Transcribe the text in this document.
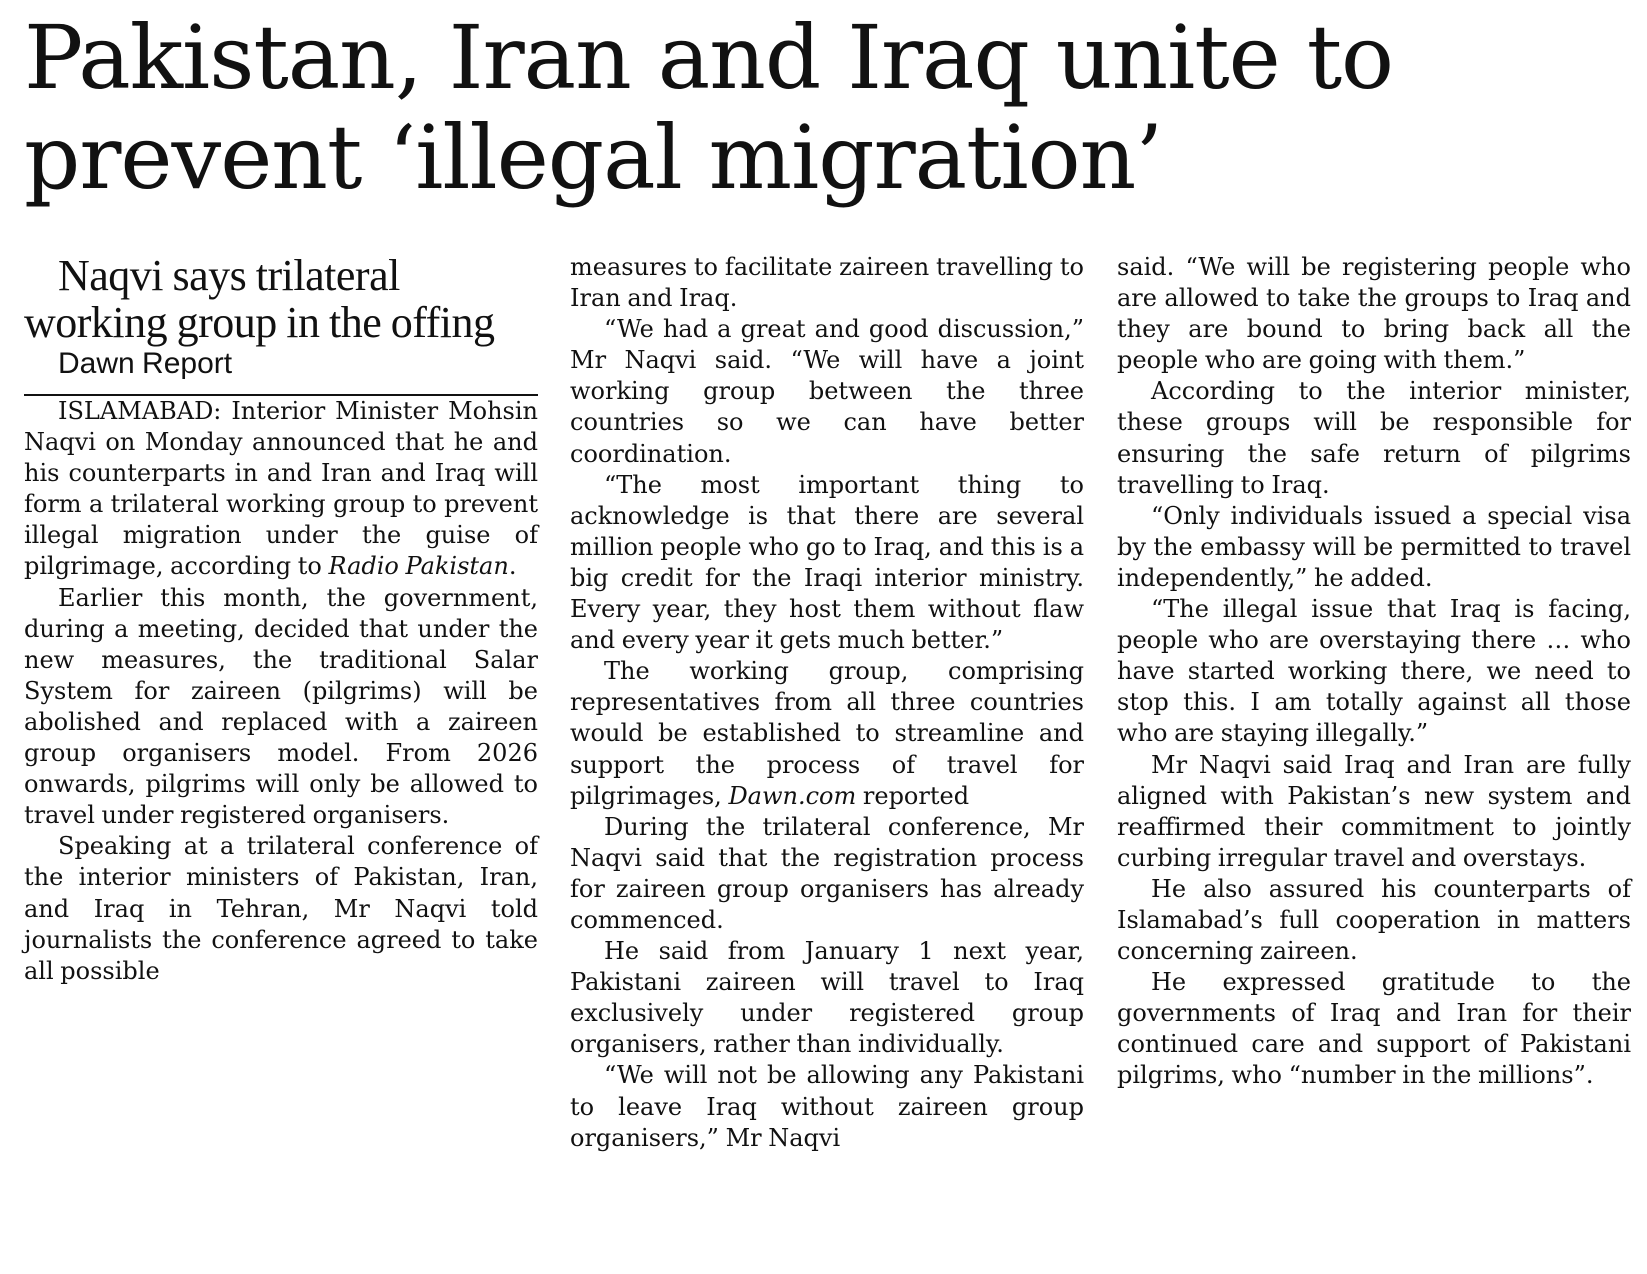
Pakistan, Iran and Iraq unite to prevent ‘illegal migration’

Naqvi says trilateral working group in the offing

Dawn Report

ISLAMABAD: Interior Minister Mohsin Naqvi on Monday announced that he and his counterparts in and Iran and Iraq will form a trilateral working group to prevent illegal migration under the guise of pilgrimage, according to Radio Pakistan.

Earlier this month, the government, during a meeting, decided that under the new measures, the traditional Salar System for zaireen (pilgrims) will be abolished and replaced with a zaireen group organisers model. From 2026 onwards, pilgrims will only be allowed to travel under registered organisers.

Speaking at a trilateral conference of the interior ministers of Pakistan, Iran, and Iraq in Tehran, Mr Naqvi told journalists the conference agreed to take all possible

measures to facilitate zaireen travelling to Iran and Iraq.

“We had a great and good discussion,” Mr Naqvi said. “We will have a joint working group between the three countries so we can have better coordination.

“The most important thing to acknowledge is that there are several million people who go to Iraq, and this is a big credit for the Iraqi interior ministry. Every year, they host them without flaw and every year it gets much better.”

The working group, comprising representatives from all three countries would be established to streamline and support the process of travel for pilgrimages, Dawn.com reported

During the trilateral conference, Mr Naqvi said that the registration process for zaireen group organisers has already commenced.

He said from January 1 next year, Pakistani zaireen will travel to Iraq exclusively under registered group organisers, rather than individually.

“We will not be allowing any Pakistani to leave Iraq without zaireen group organisers,” Mr Naqvi

said. “We will be registering people who are allowed to take the groups to Iraq and they are bound to bring back all the people who are going with them.”

According to the interior minister, these groups will be responsible for ensuring the safe return of pilgrims travelling to Iraq.

“Only individuals issued a special visa by the embassy will be permitted to travel independently,” he added.

“The illegal issue that Iraq is facing, people who are overstaying there … who have started working there, we need to stop this. I am totally against all those who are staying illegally.”

Mr Naqvi said Iraq and Iran are fully aligned with Pakistan’s new system and reaffirmed their commitment to jointly curbing irregular travel and overstays.

He also assured his counterparts of Islamabad’s full cooperation in matters concerning zaireen.

He expressed gratitude to the governments of Iraq and Iran for their continued care and support of Pakistani pilgrims, who “number in the millions”.
